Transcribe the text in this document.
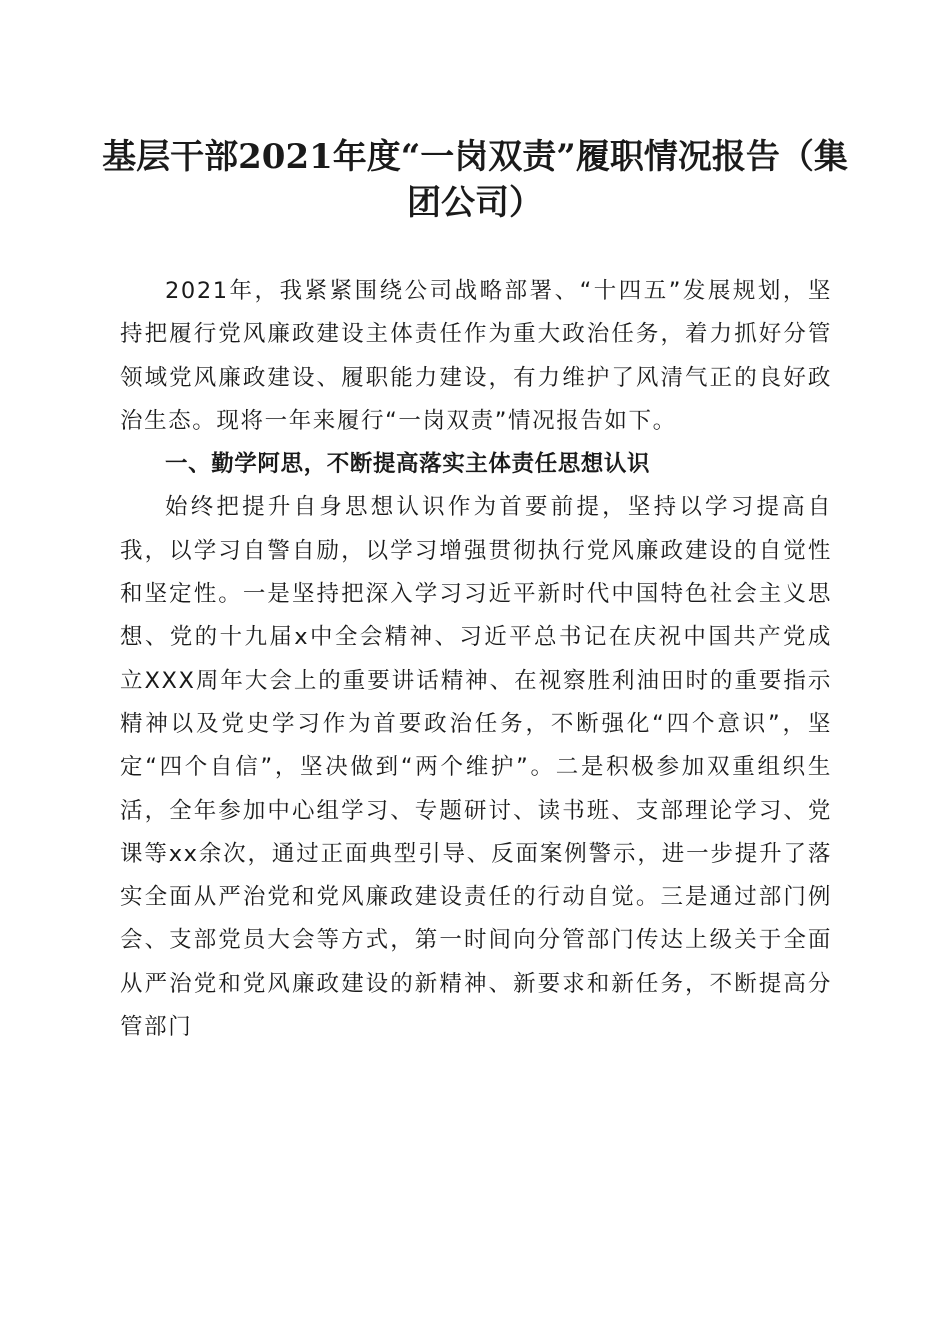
基层干部2021年度“一岗双责”履职情况报告（集团公司）

2021年，我紧紧围绕公司战略部署、“十四五”发展规划，坚持把履行党风廉政建设主体责任作为重大政治任务，着力抓好分管领域党风廉政建设、履职能力建设，有力维护了风清气正的良好政治生态。现将一年来履行“一岗双责”情况报告如下。

一、勤学阿思，不断提高落实主体责任思想认识

始终把提升自身思想认识作为首要前提，坚持以学习提高自我，以学习自警自励，以学习增强贯彻执行党风廉政建设的自觉性和坚定性。一是坚持把深入学习习近平新时代中国特色社会主义思想、党的十九届x中全会精神、习近平总书记在庆祝中国共产党成立XXX周年大会上的重要讲话精神、在视察胜利油田时的重要指示精神以及党史学习作为首要政治任务，不断强化“四个意识”，坚定“四个自信”，坚决做到“两个维护”。二是积极参加双重组织生活，全年参加中心组学习、专题研讨、读书班、支部理论学习、党课等xx余次，通过正面典型引导、反面案例警示，进一步提升了落实全面从严治党和党风廉政建设责任的行动自觉。三是通过部门例会、支部党员大会等方式，第一时间向分管部门传达上级关于全面从严治党和党风廉政建设的新精神、新要求和新任务，不断提高分管部门
